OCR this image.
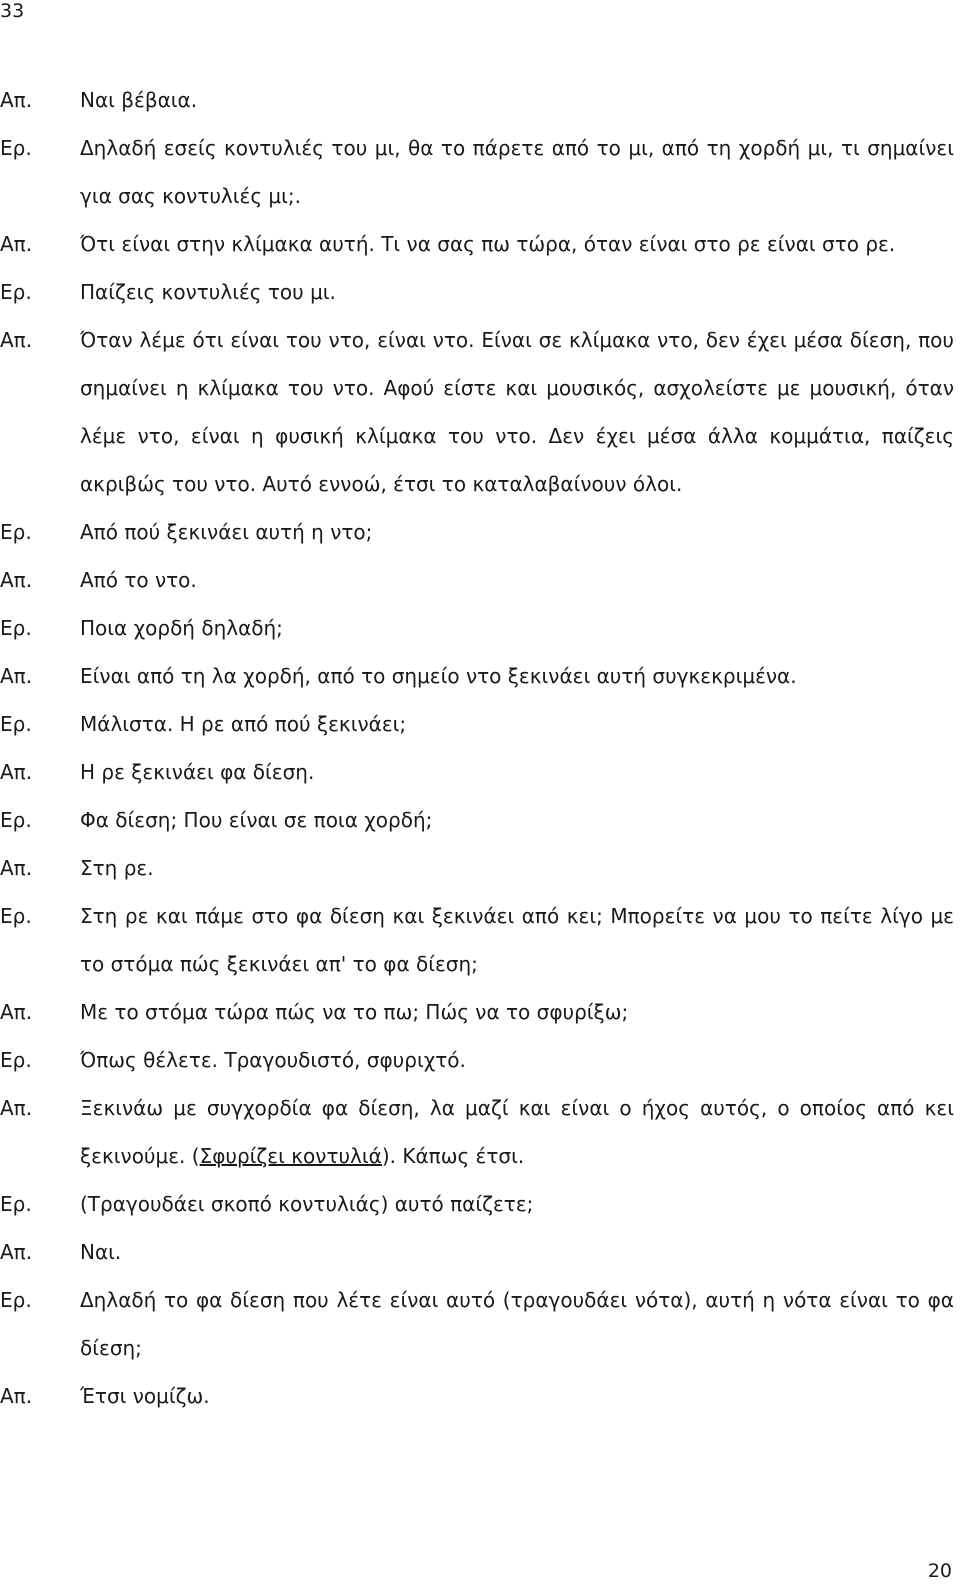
33
Απ.	Ναι βέβαια.
Ερ.	Δηλαδή εσείς κοντυλιές του μι, θα το πάρετε από το μι, από τη χορδή μι, τι σημαίνει για σας κοντυλιές μι;.
Απ.	Ότι είναι στην κλίμακα αυτή. Τι να σας πω τώρα, όταν είναι στο ρε είναι στο ρε.
Ερ.	Παίζεις κοντυλιές του μι.
Απ.	Όταν λέμε ότι είναι του ντο, είναι ντο. Είναι σε κλίμακα ντο, δεν έχει μέσα δίεση, που σημαίνει η κλίμακα του ντο. Αφού είστε και μουσικός, ασχολείστε με μουσική, όταν λέμε ντο, είναι η φυσική κλίμακα του ντο. Δεν έχει μέσα άλλα κομμάτια, παίζεις ακριβώς του ντο. Αυτό εννοώ, έτσι το καταλαβαίνουν όλοι.
Ερ.	Από πού ξεκινάει αυτή η ντο;
Απ.	Από το ντο.
Ερ.	Ποια χορδή δηλαδή;
Απ.	Είναι από τη λα χορδή, από το σημείο ντο ξεκινάει αυτή συγκεκριμένα.
Ερ.	Μάλιστα. Η ρε από πού ξεκινάει;
Απ.	Η ρε ξεκινάει φα δίεση.
Ερ.	Φα δίεση; Που είναι σε ποια χορδή;
Απ.	Στη ρε.
Ερ.	Στη ρε και πάμε στο φα δίεση και ξεκινάει από κει; Μπορείτε να μου το πείτε λίγο με το στόμα πώς ξεκινάει απ' το φα δίεση;
Απ.	Με το στόμα τώρα πώς να το πω; Πώς να το σφυρίξω;
Ερ.	Όπως θέλετε. Τραγουδιστό, σφυριχτό.
Απ.	Ξεκινάω με συγχορδία φα δίεση, λα μαζί και είναι ο ήχος αυτός, ο οποίος από κει ξεκινούμε. (Σφυρίζει κοντυλιά). Κάπως έτσι.
Ερ.	(Τραγουδάει σκοπό κοντυλιάς) αυτό παίζετε;
Απ.	Ναι.
Ερ.	Δηλαδή το φα δίεση που λέτε είναι αυτό (τραγουδάει νότα), αυτή η νότα είναι το φα δίεση;
Απ.	Έτσι νομίζω.
20
